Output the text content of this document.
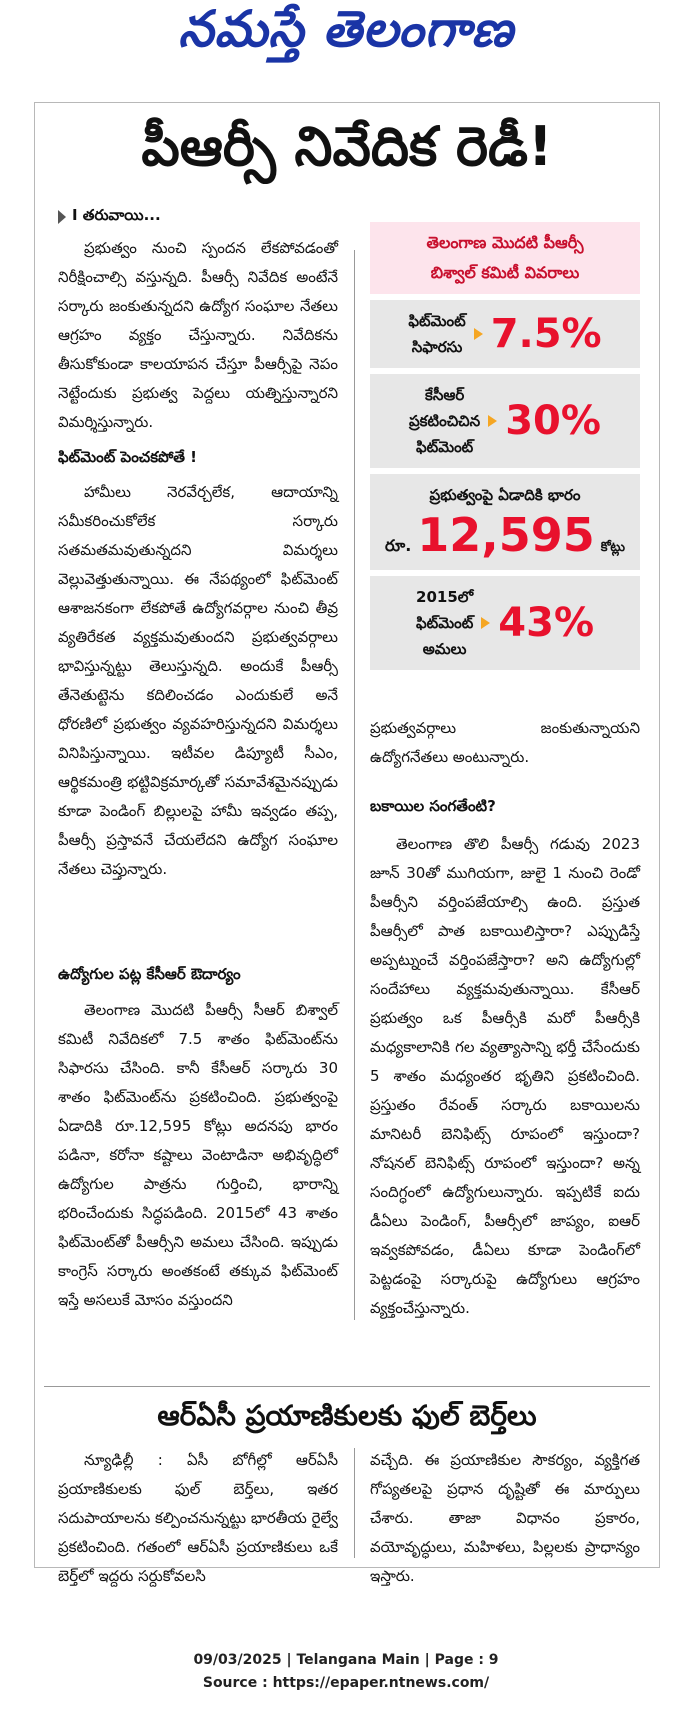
నమస్తే తెలంగాణ
పీఆర్సీ నివేదిక రెడీ!
I తరువాయి...

ప్రభుత్వం నుంచి స్పందన లేకపోవడంతో నిరీక్షించాల్సి వస్తున్నది. పీఆర్సీ నివేదిక అంటేనే సర్కారు జంకుతున్నదని ఉద్యోగ సంఘాల నేతలు ఆగ్రహం వ్యక్తం చేస్తున్నారు. నివేదికను తీసుకోకుండా కాలయాపన చేస్తూ పీఆర్సీపై నెపం నెట్టేందుకు ప్రభుత్వ పెద్దలు యత్నిస్తున్నారని విమర్శిస్తున్నారు.

ఫిట్‌మెంట్ పెంచకపోతే !

హామీలు నెరవేర్చలేక, ఆదాయాన్ని సమీకరించుకోలేక సర్కారు సతమతమవుతున్నదని విమర్శలు వెల్లువెత్తుతున్నాయి. ఈ నేపథ్యంలో ఫిట్‌మెంట్ ఆశాజనకంగా లేకపోతే ఉద్యోగవర్గాల నుంచి తీవ్ర వ్యతిరేకత వ్యక్తమవుతుందని ప్రభుత్వవర్గాలు భావిస్తున్నట్టు తెలుస్తున్నది. అందుకే పీఆర్సీ తేనెతుట్టెను కదిలించడం ఎందుకులే అనే ధోరణిలో ప్రభుత్వం వ్యవహరిస్తున్నదని విమర్శలు వినిపిస్తున్నాయి. ఇటీవల డిప్యూటీ సీఎం, ఆర్థికమంత్రి భట్టివిక్రమార్కతో సమావేశమైనప్పుడు కూడా పెండింగ్ బిల్లులపై హామీ ఇవ్వడం తప్ప, పీఆర్సీ ప్రస్తావనే చేయలేదని ఉద్యోగ సంఘాల నేతలు చెప్తున్నారు.

ఉద్యోగుల పట్ల కేసీఆర్ ఔదార్యం

తెలంగాణ మొదటి పీఆర్సీ సీఆర్ బిశ్వాల్ కమిటీ నివేదికలో 7.5 శాతం ఫిట్‌మెంట్‌ను సిఫారసు చేసింది. కానీ కేసీఆర్ సర్కారు 30 శాతం ఫిట్‌మెంట్‌ను ప్రకటించింది. ప్రభుత్వంపై ఏడాదికి రూ.12,595 కోట్లు అదనపు భారం పడినా, కరోనా కష్టాలు వెంటాడినా అభివృద్ధిలో ఉద్యోగుల పాత్రను గుర్తించి, భారాన్ని భరించేందుకు సిద్ధపడింది. 2015లో 43 శాతం ఫిట్‌మెంట్‌తో పీఆర్సీని అమలు చేసింది. ఇప్పుడు కాంగ్రెస్ సర్కారు అంతకంటే తక్కువ ఫిట్‌మెంట్ ఇస్తే అసలుకే మోసం వస్తుందని

తెలంగాణ మొదటి పీఆర్సీ
బిశ్వాల్ కమిటీ వివరాలు
ఫిట్‌మెంట్
సిఫారసు 7.5%
కేసీఆర్
ప్రకటించిచిన
ఫిట్‌మెంట్
30%
ప్రభుత్వంపై ఏడాదికి భారం
రూ. 12,595 కోట్లు
2015లో
ఫిట్‌మెంట్
అమలు
43%

ప్రభుత్వవర్గాలు జంకుతున్నాయని ఉద్యోగనేతలు అంటున్నారు.

బకాయిల సంగతేంటి?

తెలంగాణ తొలి పీఆర్సీ గడువు 2023 జూన్ 30తో ముగియగా, జులై 1 నుంచి రెండో పీఆర్సీని వర్తింపజేయాల్సి ఉంది. ప్రస్తుత పీఆర్సీలో పాత బకాయిలిస్తారా? ఎప్పుడిస్తే అప్పట్నుంచే వర్తింపజేస్తారా? అని ఉద్యోగుల్లో సందేహాలు వ్యక్తమవుతున్నాయి. కేసీఆర్ ప్రభుత్వం ఒక పీఆర్సీకి మరో పీఆర్సీకి మధ్యకాలానికి గల వ్యత్యాసాన్ని భర్తీ చేసేందుకు 5 శాతం మధ్యంతర భృతిని ప్రకటించింది. ప్రస్తుతం రేవంత్ సర్కారు బకాయిలను మానిటరీ బెనిఫిట్స్ రూపంలో ఇస్తుందా? నోషనల్ బెనిఫిట్స్ రూపంలో ఇస్తుందా? అన్న సందిగ్ధంలో ఉద్యోగులున్నారు. ఇప్పటికే ఐదు డీఏలు పెండింగ్, పీఆర్సీలో జాప్యం, ఐఆర్ ఇవ్వకపోవడం, డీఏలు కూడా పెండింగ్‌లో పెట్టడంపై సర్కారుపై ఉద్యోగులు ఆగ్రహం వ్యక్తంచేస్తున్నారు.

ఆర్‌ఏసీ ప్రయాణికులకు ఫుల్ బెర్త్‌లు

న్యూఢిల్లీ : ఏసీ బోగీల్లో ఆర్‌ఏసీ ప్రయాణికులకు ఫుల్ బెర్త్‌లు, ఇతర సదుపాయాలను కల్పించనున్నట్టు భారతీయ రైల్వే ప్రకటించింది. గతంలో ఆర్‌ఏసీ ప్రయాణికులు ఒకే బెర్త్‌లో ఇద్దరు సర్దుకోవలసి

వచ్చేది. ఈ ప్రయాణికుల సౌకర్యం, వ్యక్తిగత గోప్యతలపై ప్రధాన దృష్టితో ఈ మార్పులు చేశారు. తాజా విధానం ప్రకారం, వయోవృద్ధులు, మహిళలు, పిల్లలకు ప్రాధాన్యం ఇస్తారు.

09/03/2025 | Telangana Main | Page : 9
Source : https://epaper.ntnews.com/
